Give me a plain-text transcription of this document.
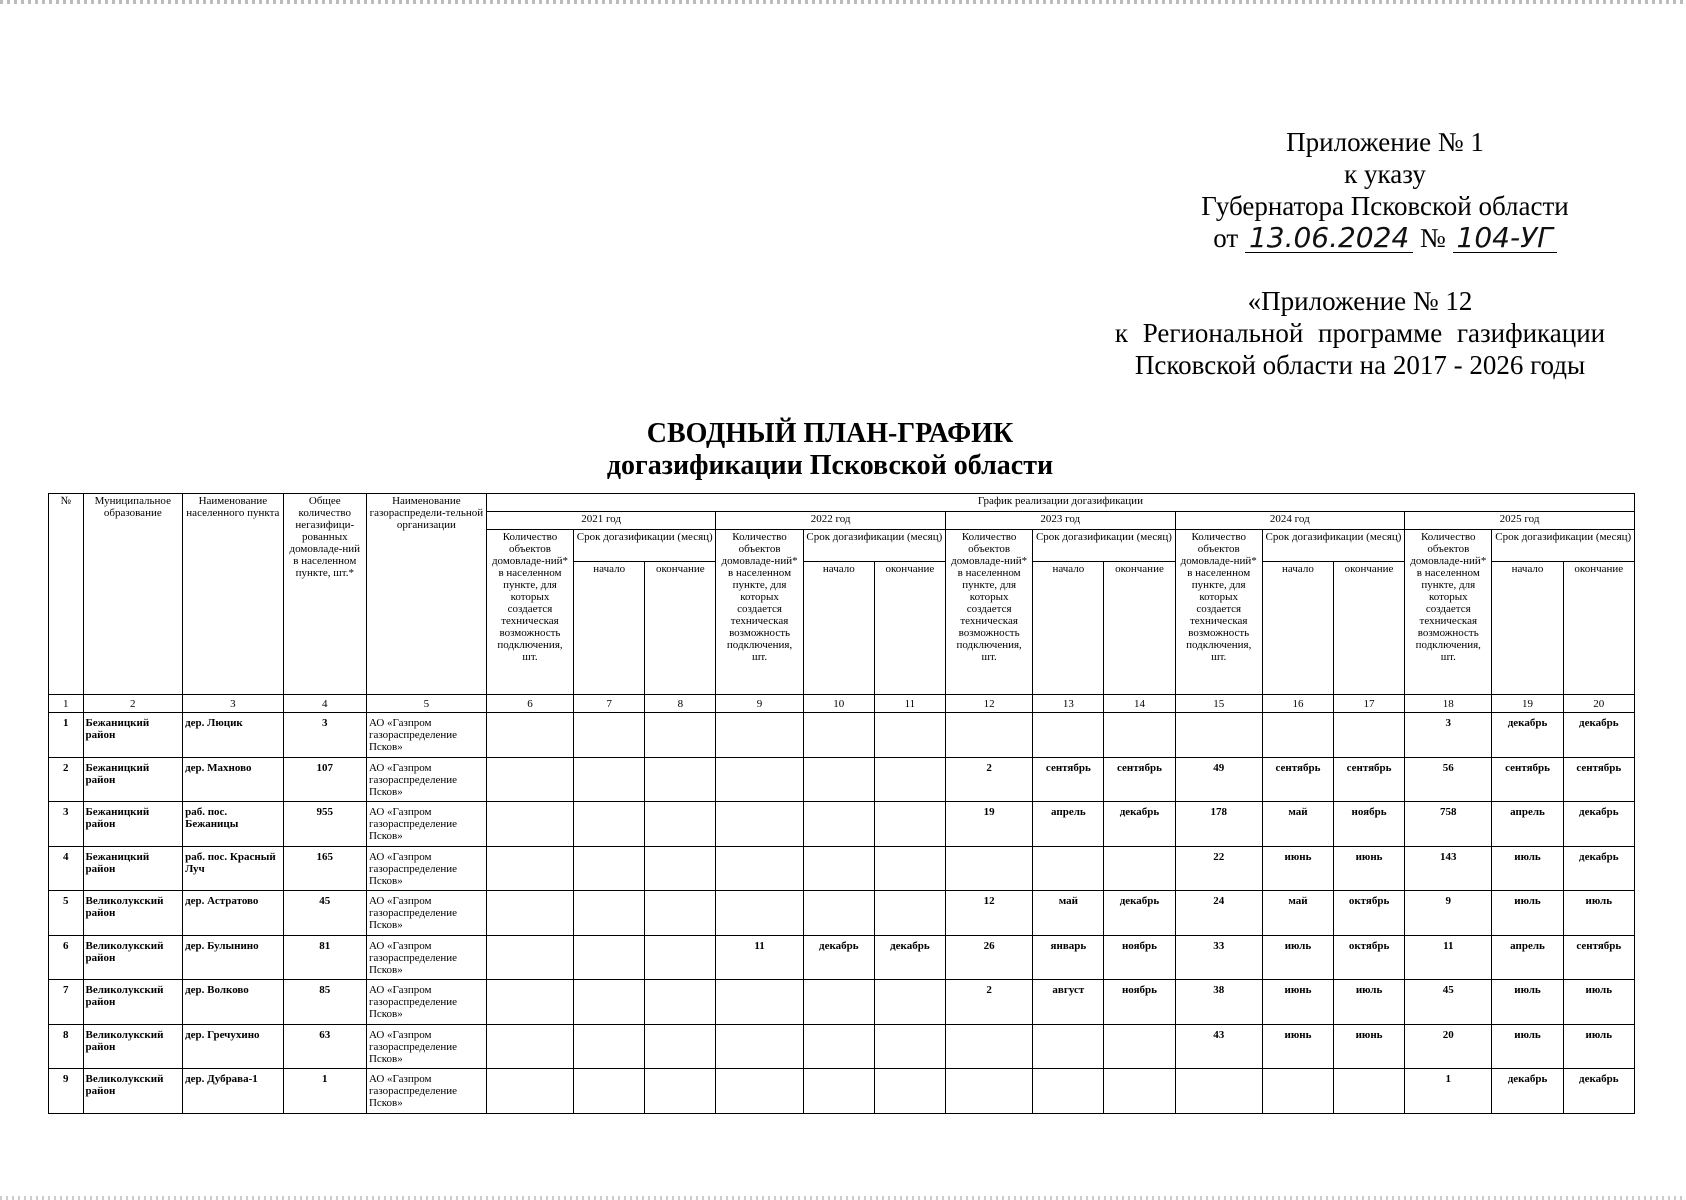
Приложение № 1
к указу
Губернатора Псковской области
от 13.06.2024 № 104-УГ
«Приложение № 12
к Региональной программе газификации
Псковской области на 2017 - 2026 годы
СВОДНЫЙ ПЛАН-ГРАФИК
догазификации Псковской области
№	Муниципальное образование	Наименование населенного пункта	Общее количество негазифици-рованных домовладе-ний в населенном пункте, шт.*	Наименование газораспредели-тельной организации	График реализации догазификации														
					2021 год			2022 год			2023 год			2024 год			2025 год		
					Количество объектов домовладе-ний* в населенном пункте, для которых создается техническая возможность подключения, шт.	Срок догазификации (месяц)		Количество объектов домовладе-ний* в населенном пункте, для которых создается техническая возможность подключения, шт.	Срок догазификации (месяц)		Количество объектов домовладе-ний* в населенном пункте, для которых создается техническая возможность подключения, шт.	Срок догазификации (месяц)		Количество объектов домовладе-ний* в населенном пункте, для которых создается техническая возможность подключения, шт.	Срок догазификации (месяц)		Количество объектов домовладе-ний* в населенном пункте, для которых создается техническая возможность подключения, шт.	Срок догазификации (месяц)	
						начало	окончание		начало	окончание		начало	окончание		начало	окончание		начало	окончание
1	2	3	4	5	6	7	8	9	10	11	12	13	14	15	16	17	18	19	20
1	Бежаницкий район	дер. Люцик	3	АО «Газпром газораспределение Псков»													3	декабрь	декабрь
2	Бежаницкий район	дер. Махново	107	АО «Газпром газораспределение Псков»							2	сентябрь	сентябрь	49	сентябрь	сентябрь	56	сентябрь	сентябрь
3	Бежаницкий район	раб. пос. Бежаницы	955	АО «Газпром газораспределение Псков»							19	апрель	декабрь	178	май	ноябрь	758	апрель	декабрь
4	Бежаницкий район	раб. пос. Красный Луч	165	АО «Газпром газораспределение Псков»										22	июнь	июнь	143	июль	декабрь
5	Великолукский район	дер. Астратово	45	АО «Газпром газораспределение Псков»							12	май	декабрь	24	май	октябрь	9	июль	июль
6	Великолукский район	дер. Булынино	81	АО «Газпром газораспределение Псков»				11	декабрь	декабрь	26	январь	ноябрь	33	июль	октябрь	11	апрель	сентябрь
7	Великолукский район	дер. Волково	85	АО «Газпром газораспределение Псков»							2	август	ноябрь	38	июнь	июль	45	июль	июль
8	Великолукский район	дер. Гречухино	63	АО «Газпром газораспределение Псков»										43	июнь	июнь	20	июль	июль
9	Великолукский район	дер. Дубрава-1	1	АО «Газпром газораспределение Псков»													1	декабрь	декабрь
